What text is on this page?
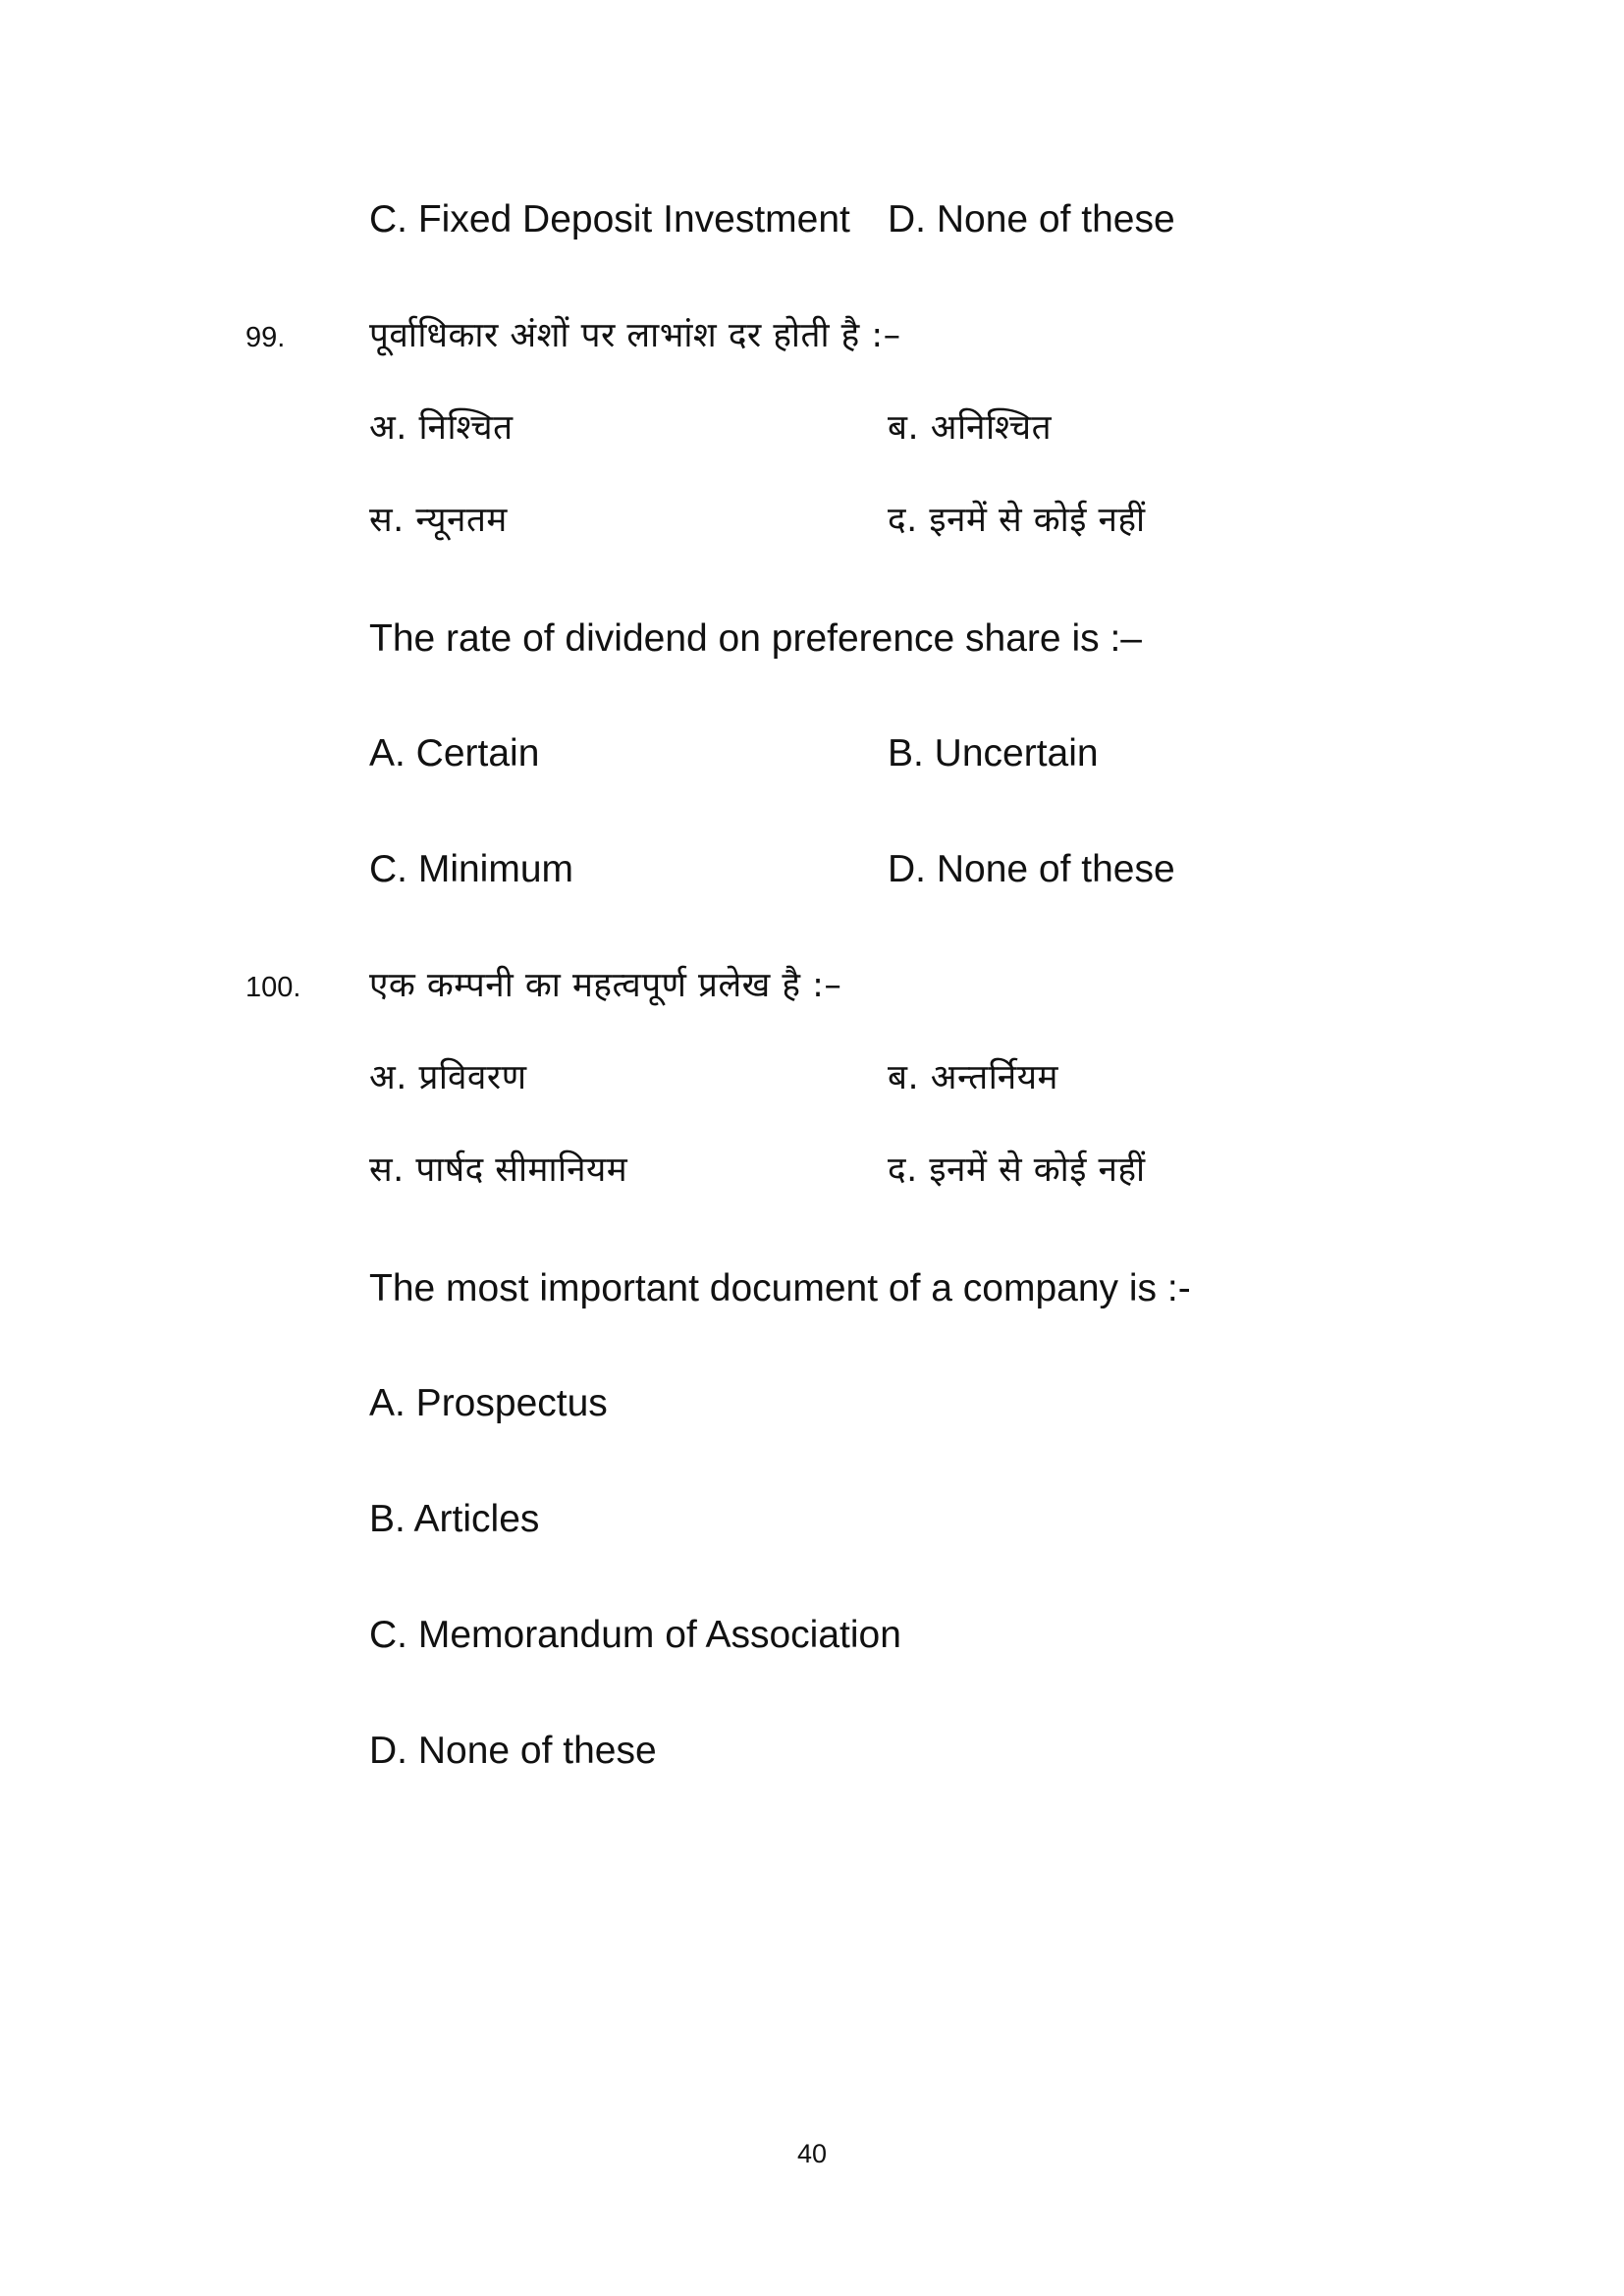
C. Fixed Deposit Investment D. None of these
99. पूर्वाधिकार अंशों पर लाभांश दर होती है :–
अ. निश्चित	ब. अनिश्चित
स. न्यूनतम	द. इनमें से कोई नहीं
The rate of dividend on preference share is :–
A. Certain	B. Uncertain
C. Minimum	D. None of these
100. एक कम्पनी का महत्वपूर्ण प्रलेख है :–
अ. प्रविवरण	ब. अन्तर्नियम
स. पार्षद सीमानियम	द. इनमें से कोई नहीं
The most important document of a company is :-
A. Prospectus
B. Articles
C. Memorandum of Association
D. None of these
40
